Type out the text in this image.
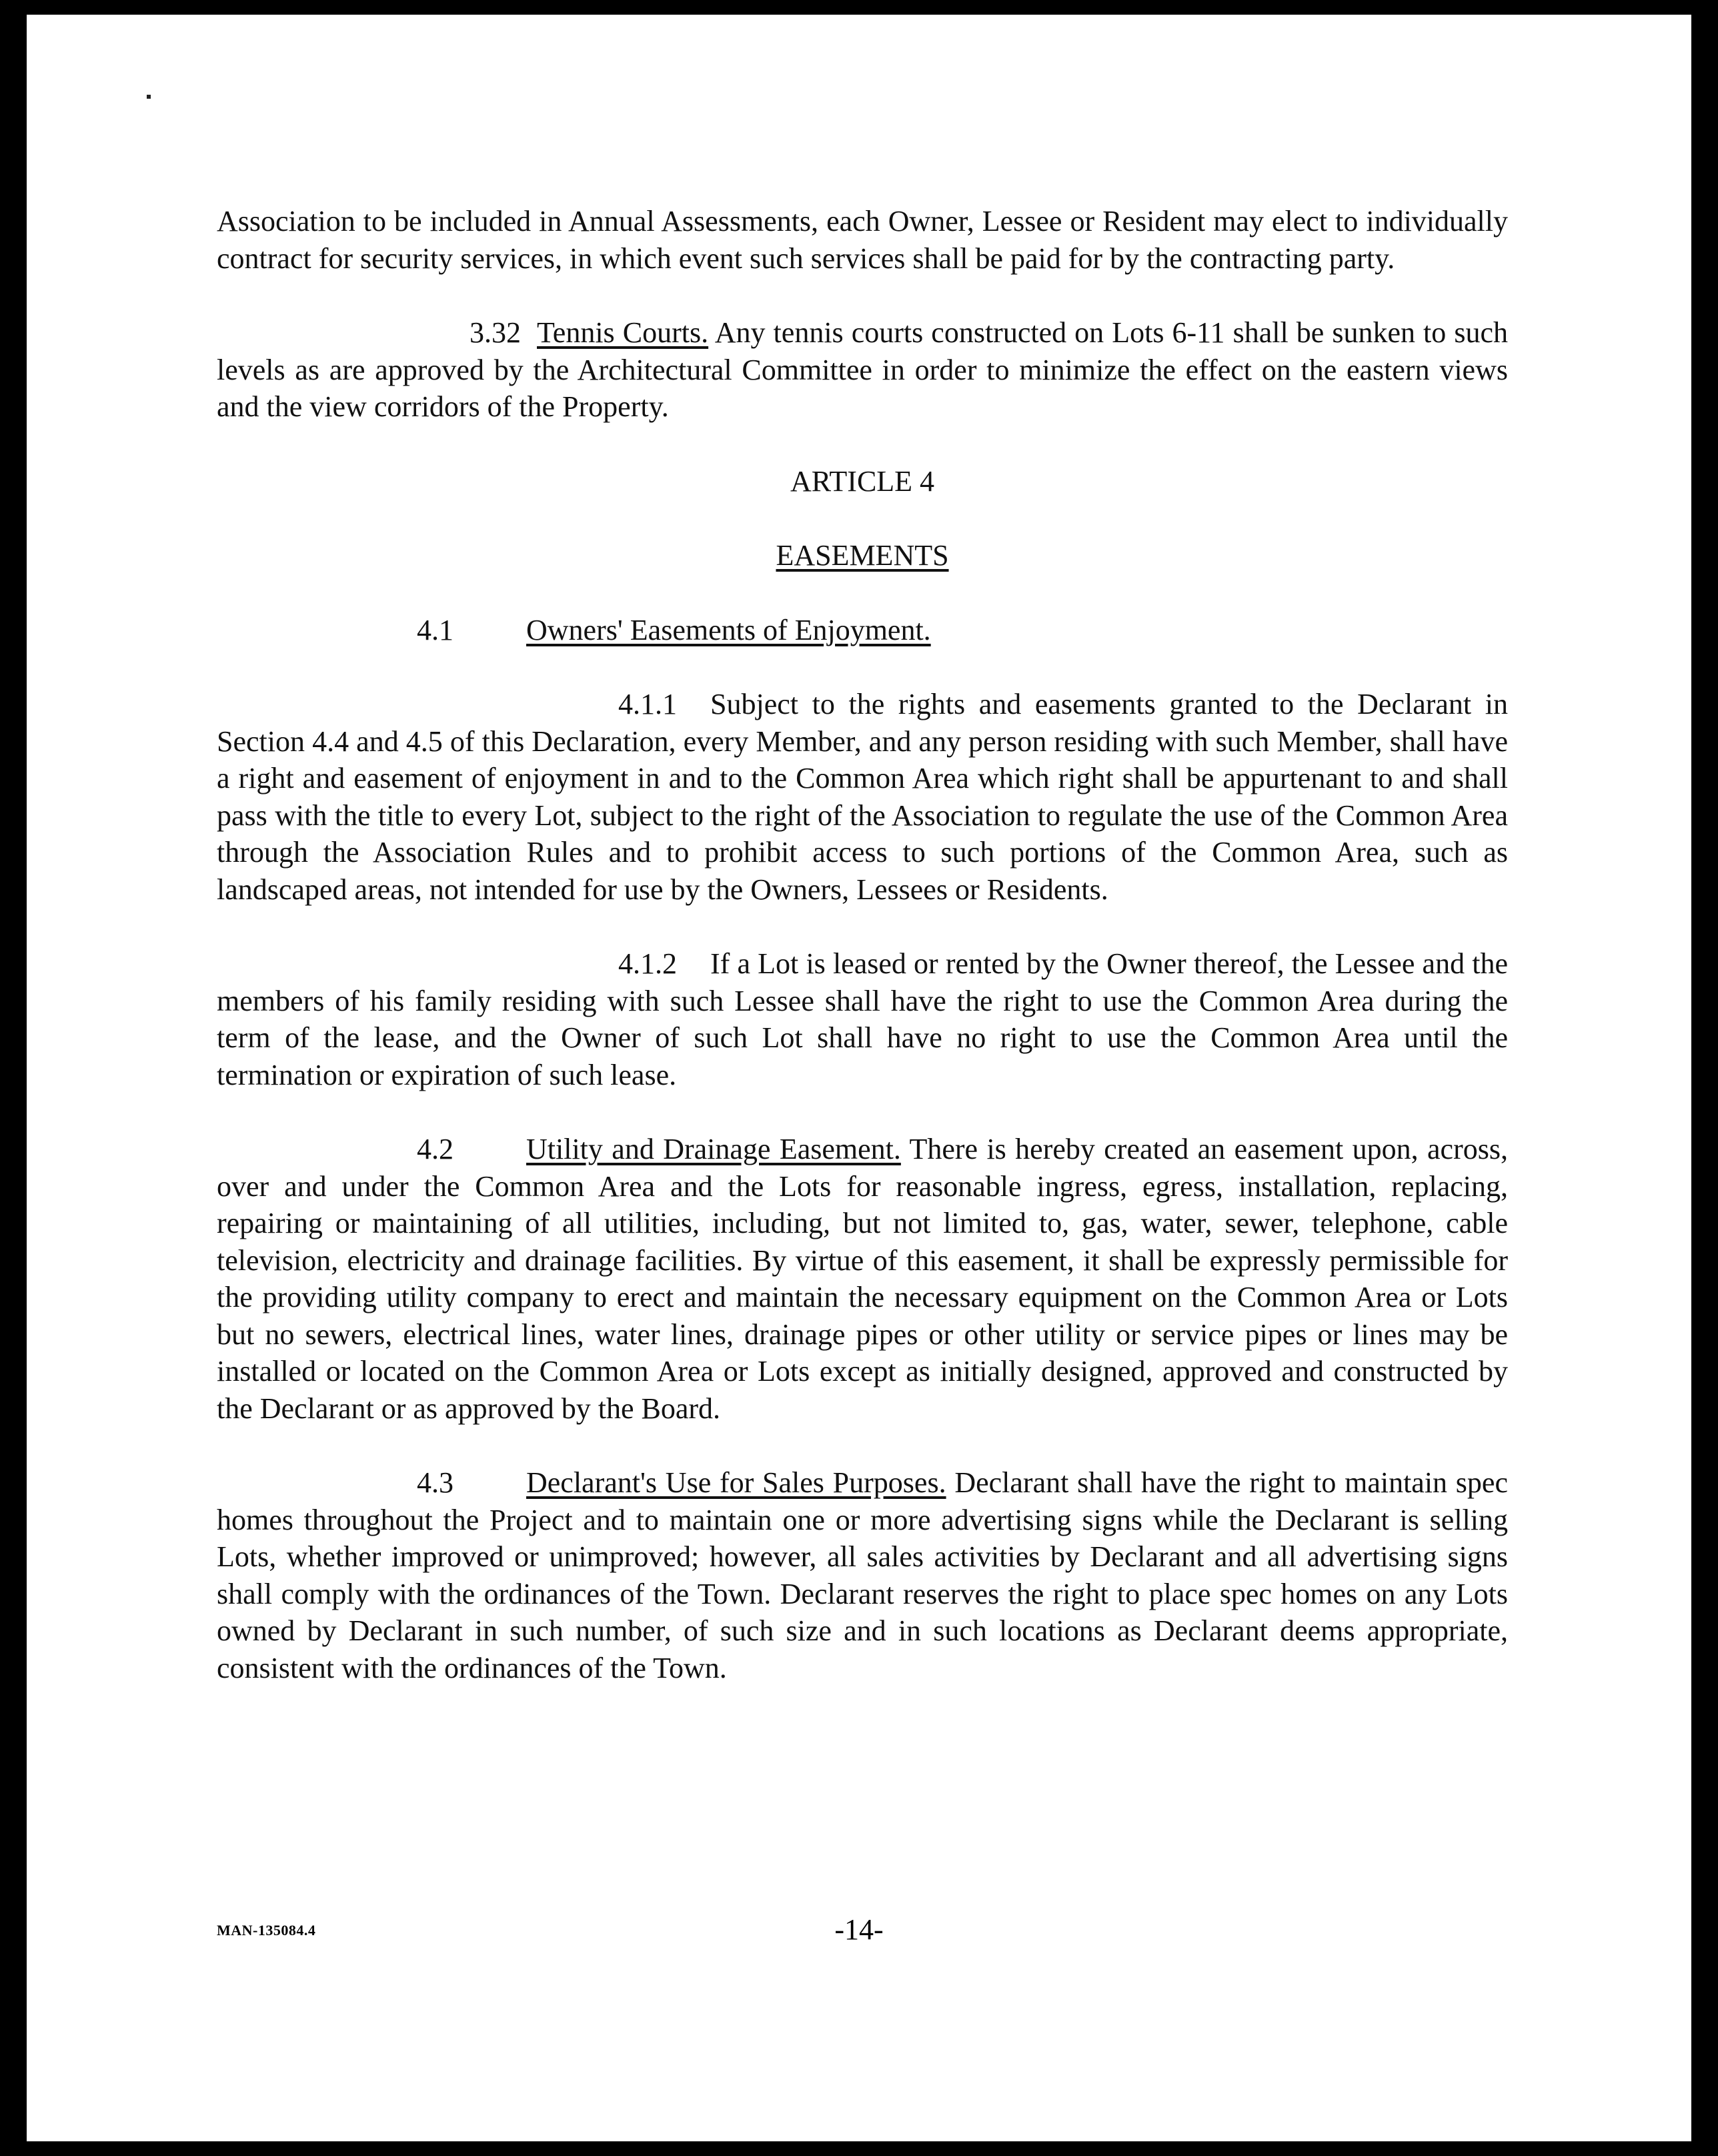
Association to be included in Annual Assessments, each Owner, Lessee or Resident may elect to individually contract for security services, in which event such services shall be paid for by the contracting party.

3.32 Tennis Courts. Any tennis courts constructed on Lots 6-11 shall be sunken to such levels as are approved by the Architectural Committee in order to minimize the effect on the eastern views and the view corridors of the Property.

ARTICLE 4

EASEMENTS

4.1 Owners' Easements of Enjoyment.

4.1.1 Subject to the rights and easements granted to the Declarant in Section 4.4 and 4.5 of this Declaration, every Member, and any person residing with such Member, shall have a right and easement of enjoyment in and to the Common Area which right shall be appurtenant to and shall pass with the title to every Lot, subject to the right of the Association to regulate the use of the Common Area through the Association Rules and to prohibit access to such portions of the Common Area, such as landscaped areas, not intended for use by the Owners, Lessees or Residents.

4.1.2 If a Lot is leased or rented by the Owner thereof, the Lessee and the members of his family residing with such Lessee shall have the right to use the Common Area during the term of the lease, and the Owner of such Lot shall have no right to use the Common Area until the termination or expiration of such lease.

4.2 Utility and Drainage Easement. There is hereby created an easement upon, across, over and under the Common Area and the Lots for reasonable ingress, egress, installation, replacing, repairing or maintaining of all utilities, including, but not limited to, gas, water, sewer, telephone, cable television, electricity and drainage facilities. By virtue of this easement, it shall be expressly permissible for the providing utility company to erect and maintain the necessary equipment on the Common Area or Lots but no sewers, electrical lines, water lines, drainage pipes or other utility or service pipes or lines may be installed or located on the Common Area or Lots except as initially designed, approved and constructed by the Declarant or as approved by the Board.

4.3 Declarant's Use for Sales Purposes. Declarant shall have the right to maintain spec homes throughout the Project and to maintain one or more advertising signs while the Declarant is selling Lots, whether improved or unimproved; however, all sales activities by Declarant and all advertising signs shall comply with the ordinances of the Town. Declarant reserves the right to place spec homes on any Lots owned by Declarant in such number, of such size and in such locations as Declarant deems appropriate, consistent with the ordinances of the Town.

MAN-135084.4	-14-
